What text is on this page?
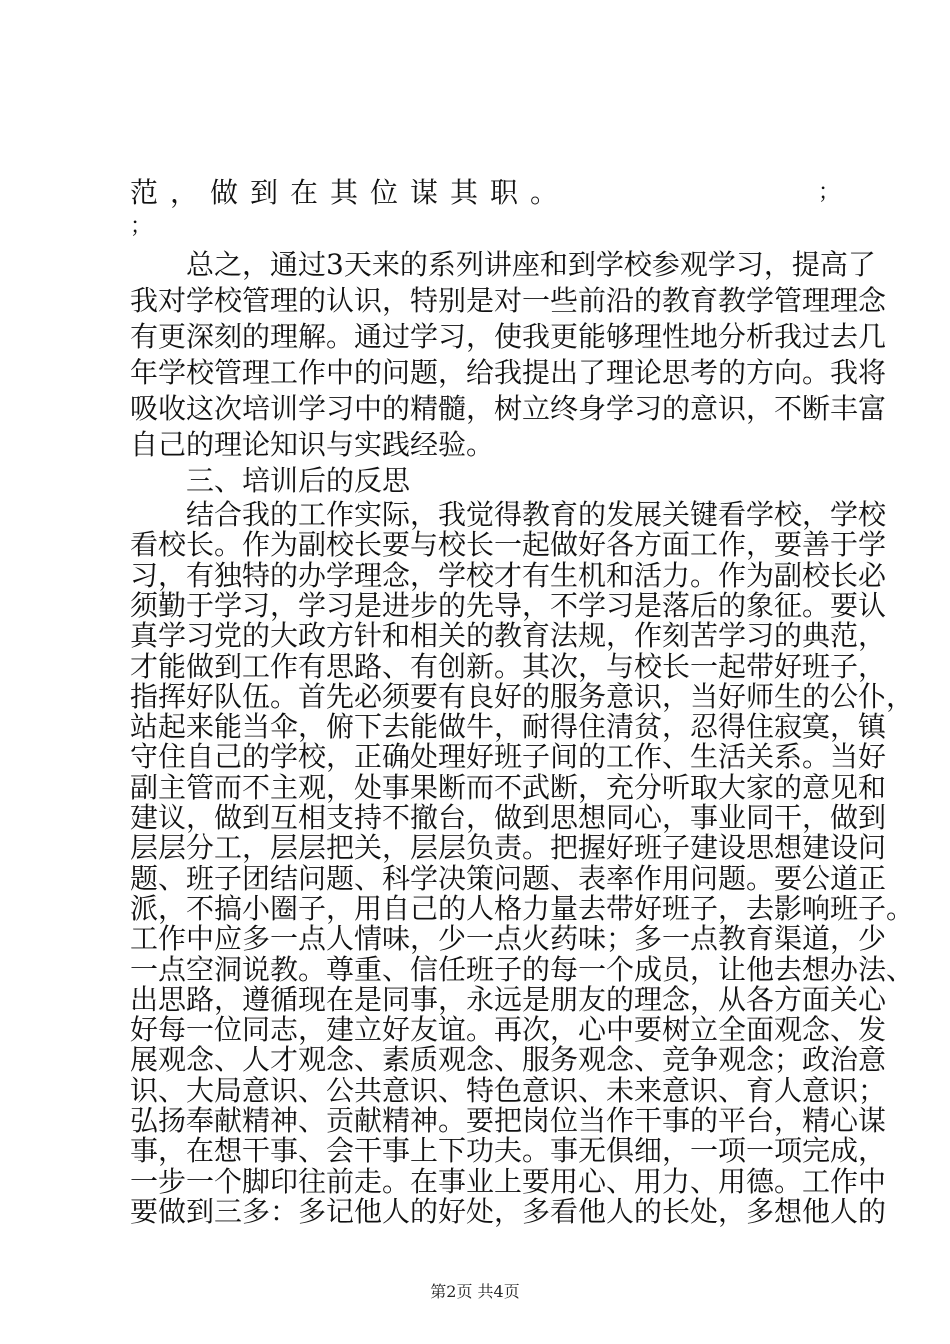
范，做到在其位谋其职。	；
；
总之，通过3天来的系列讲座和到学校参观学习，提高了
我对学校管理的认识，特别是对一些前沿的教育教学管理理念
有更深刻的理解。通过学习，使我更能够理性地分析我过去几
年学校管理工作中的问题，给我提出了理论思考的方向。我将
吸收这次培训学习中的精髓，树立终身学习的意识，不断丰富
自己的理论知识与实践经验。
三、培训后的反思
第2页 共4页
结合我的工作实际，我觉得教育的发展关键看学校，学校
看校长。作为副校长要与校长一起做好各方面工作，要善于学
习，有独特的办学理念，学校才有生机和活力。作为副校长必
须勤于学习，学习是进步的先导，不学习是落后的象征。要认
真学习党的大政方针和相关的教育法规，作刻苦学习的典范，
才能做到工作有思路、有创新。其次，与校长一起带好班子，
指挥好队伍。首先必须要有良好的服务意识，当好师生的公仆，
站起来能当伞，俯下去能做牛，耐得住清贫，忍得住寂寞，镇
守住自己的学校，正确处理好班子间的工作、生活关系。当好
副主管而不主观，处事果断而不武断，充分听取大家的意见和
建议，做到互相支持不撤台，做到思想同心，事业同干，做到
层层分工，层层把关，层层负责。把握好班子建设思想建设问
题、班子团结问题、科学决策问题、表率作用问题。要公道正
派，不搞小圈子，用自己的人格力量去带好班子，去影响班子。
工作中应多一点人情味，少一点火药味；多一点教育渠道，少
一点空洞说教。尊重、信任班子的每一个成员，让他去想办法、
出思路，遵循现在是同事，永远是朋友的理念，从各方面关心
好每一位同志，建立好友谊。再次，心中要树立全面观念、发
展观念、人才观念、素质观念、服务观念、竞争观念；政治意
识、大局意识、公共意识、特色意识、未来意识、育人意识；
弘扬奉献精神、贡献精神。要把岗位当作干事的平台，精心谋
事，在想干事、会干事上下功夫。事无俱细，一项一项完成，
一步一个脚印往前走。在事业上要用心、用力、用德。工作中
要做到三多：多记他人的好处，多看他人的长处，多想他人的
